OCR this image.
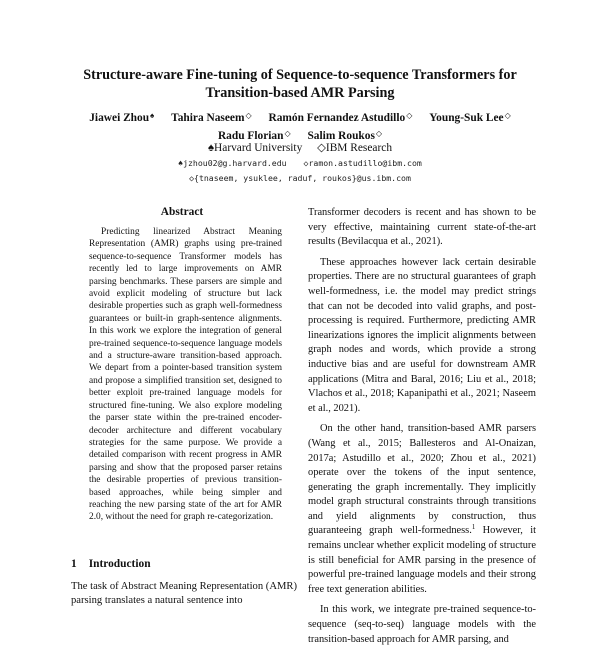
Structure-aware Fine-tuning of Sequence-to-sequence Transformers for Transition-based AMR Parsing
Jiawei Zhou♠ Tahira Naseem◇ Ramón Fernandez Astudillo◇ Young-Suk Lee◇
Radu Florian◇ Salim Roukos◇
♠Harvard University ◇IBM Research
♠jzhou02@g.harvard.edu ◇ramon.astudillo@ibm.com
◇{tnaseem, ysuklee, raduf, roukos}@us.ibm.com
Abstract

Predicting linearized Abstract Meaning Representation (AMR) graphs using pre-trained sequence-to-sequence Transformer models has recently led to large improvements on AMR parsing benchmarks. These parsers are simple and avoid explicit modeling of structure but lack desirable properties such as graph well-formedness guarantees or built-in graph-sentence alignments. In this work we explore the integration of general pre-trained sequence-to-sequence language models and a structure-aware transition-based approach. We depart from a pointer-based transition system and propose a simplified transition set, designed to better exploit pre-trained language models for structured fine-tuning. We also explore modeling the parser state within the pre-trained encoder-decoder architecture and different vocabulary strategies for the same purpose. We provide a detailed comparison with recent progress in AMR parsing and show that the proposed parser retains the desirable properties of previous transition-based approaches, while being simpler and reaching the new parsing state of the art for AMR 2.0, without the need for graph re-categorization.

1 Introduction

The task of Abstract Meaning Representation (AMR) parsing translates a natural sentence into

Transformer decoders is recent and has shown to be very effective, maintaining current state-of-the-art results (Bevilacqua et al., 2021).

These approaches however lack certain desirable properties. There are no structural guarantees of graph well-formedness, i.e. the model may predict strings that can not be decoded into valid graphs, and post-processing is required. Furthermore, predicting AMR linearizations ignores the implicit alignments between graph nodes and words, which provide a strong inductive bias and are useful for downstream AMR applications (Mitra and Baral, 2016; Liu et al., 2018; Vlachos et al., 2018; Kapanipathi et al., 2021; Naseem et al., 2021).

On the other hand, transition-based AMR parsers (Wang et al., 2015; Ballesteros and Al-Onaizan, 2017a; Astudillo et al., 2020; Zhou et al., 2021) operate over the tokens of the input sentence, generating the graph incrementally. They implicitly model graph structural constraints through transitions and yield alignments by construction, thus guaranteeing graph well-formedness.$^1$ However, it remains unclear whether explicit modeling of structure is still beneficial for AMR parsing in the presence of powerful pre-trained language models and their strong free text generation abilities.

In this work, we integrate pre-trained sequence-to-sequence (seq-to-seq) language models with the transition-based approach for AMR parsing, and
